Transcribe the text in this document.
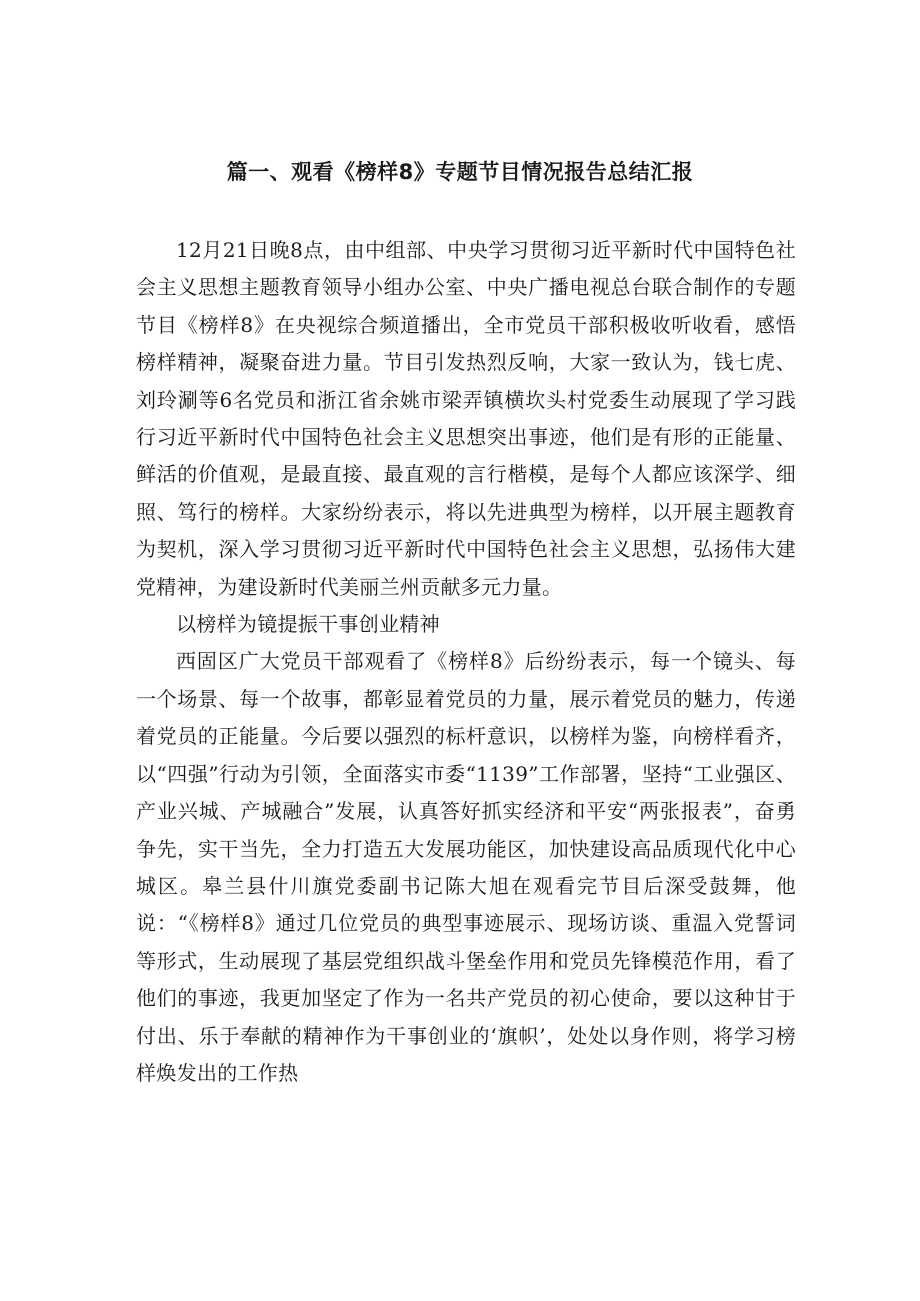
篇一、观看《榜样8》专题节目情况报告总结汇报

12月21日晚8点，由中组部、中央学习贯彻习近平新时代中国特色社会主义思想主题教育领导小组办公室、中央广播电视总台联合制作的专题节目《榜样8》在央视综合频道播出，全市党员干部积极收听收看，感悟榜样精神，凝聚奋进力量。节目引发热烈反响，大家一致认为，钱七虎、刘玲涮等6名党员和浙江省余姚市梁弄镇横坎头村党委生动展现了学习践行习近平新时代中国特色社会主义思想突出事迹，他们是有形的正能量、鲜活的价值观，是最直接、最直观的言行楷模，是每个人都应该深学、细照、笃行的榜样。大家纷纷表示，将以先进典型为榜样，以开展主题教育为契机，深入学习贯彻习近平新时代中国特色社会主义思想，弘扬伟大建党精神，为建设新时代美丽兰州贡献多元力量。

以榜样为镜提振干事创业精神

西固区广大党员干部观看了《榜样8》后纷纷表示，每一个镜头、每一个场景、每一个故事，都彰显着党员的力量，展示着党员的魅力，传递着党员的正能量。今后要以强烈的标杆意识，以榜样为鉴，向榜样看齐，以“四强”行动为引领，全面落实市委“1139”工作部署，坚持“工业强区、产业兴城、产城融合”发展，认真答好抓实经济和平安“两张报表”，奋勇争先，实干当先，全力打造五大发展功能区，加快建设高品质现代化中心城区。皋兰县什川旗党委副书记陈大旭在观看完节目后深受鼓舞，他说：“《榜样8》通过几位党员的典型事迹展示、现场访谈、重温入党誓词等形式，生动展现了基层党组织战斗堡垒作用和党员先锋模范作用，看了他们的事迹，我更加坚定了作为一名共产党员的初心使命，要以这种甘于付出、乐于奉献的精神作为干事创业的‘旗帜’，处处以身作则，将学习榜样焕发出的工作热
